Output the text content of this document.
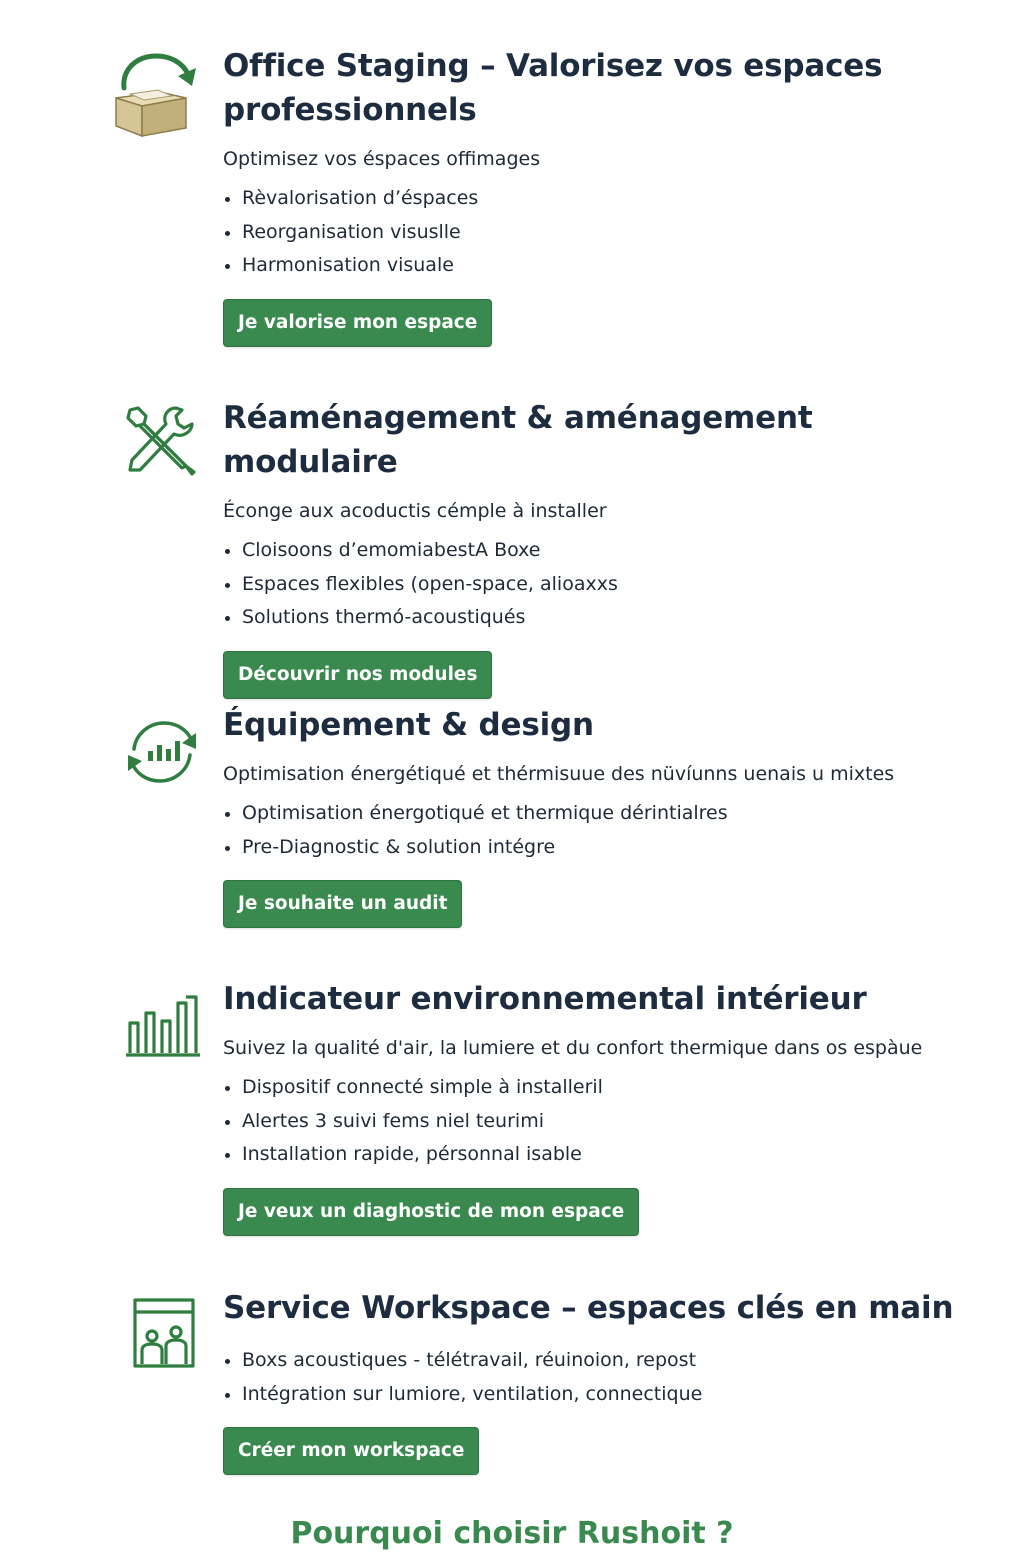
Office Staging – Valorisez vos espaces professionnels

Optimisez vos éspaces offimages

Rèvalorisation d’éspaces
Reorganisation visuslle
Harmonisation visuale
Je valorise mon espace
Réaménagement & aménagement modulaire

Éconge aux acoductis cémple à installer

Cloisoons d’emomiabestA Boxe
Espaces flexibles (open-space, alioaxxs
Solutions thermó-acoustiqués
Découvrir nos modules
Équipement & design

Optimisation énergétiqué et thérmisuue des nüvíunns uenais u mixtes

Optimisation énergotiqué et thermique dérintialres
Pre-Diagnostic & solution intégre
Je souhaite un audit
Indicateur environnemental intérieur

Suivez la qualité d'air, la lumiere et du confort thermique dans os espàue

Dispositif connecté simple à installeril
Alertes 3 suivi fems niel teurimi
Installation rapide, pérsonnal isable
Je veux un diaghostic de mon espace
Service Workspace – espaces clés en main
Boxs acoustiques - télétravail, réuinoion, repost
Intégration sur lumiore, ventilation, connectique
Créer mon workspace
Pourquoi choisir Rushoit ?
